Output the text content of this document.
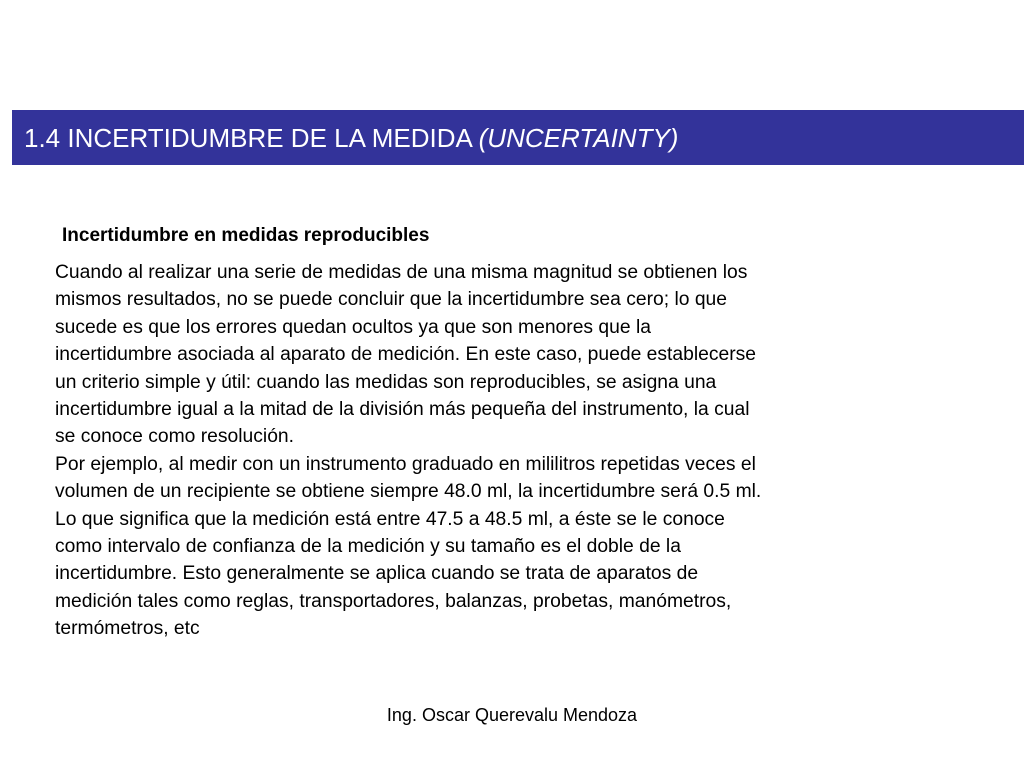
1.4 INCERTIDUMBRE DE LA MEDIDA (UNCERTAINTY)
Incertidumbre en medidas reproducibles
Cuando al realizar una serie de medidas de una misma magnitud se obtienen los
mismos resultados, no se puede concluir que la incertidumbre sea cero; lo que
sucede es que los errores quedan ocultos ya que son menores que la
incertidumbre asociada al aparato de medición. En este caso, puede establecerse
un criterio simple y útil: cuando las medidas son reproducibles, se asigna una
incertidumbre igual a la mitad de la división más pequeña del instrumento, la cual
se conoce como resolución.
Por ejemplo, al medir con un instrumento graduado en mililitros repetidas veces el
volumen de un recipiente se obtiene siempre 48.0 ml, la incertidumbre será 0.5 ml.
Lo que significa que la medición está entre 47.5 a 48.5 ml, a éste se le conoce
como intervalo de confianza de la medición y su tamaño es el doble de la
incertidumbre. Esto generalmente se aplica cuando se trata de aparatos de
medición tales como reglas, transportadores, balanzas, probetas, manómetros,
termómetros, etc
Ing. Oscar Querevalu Mendoza
